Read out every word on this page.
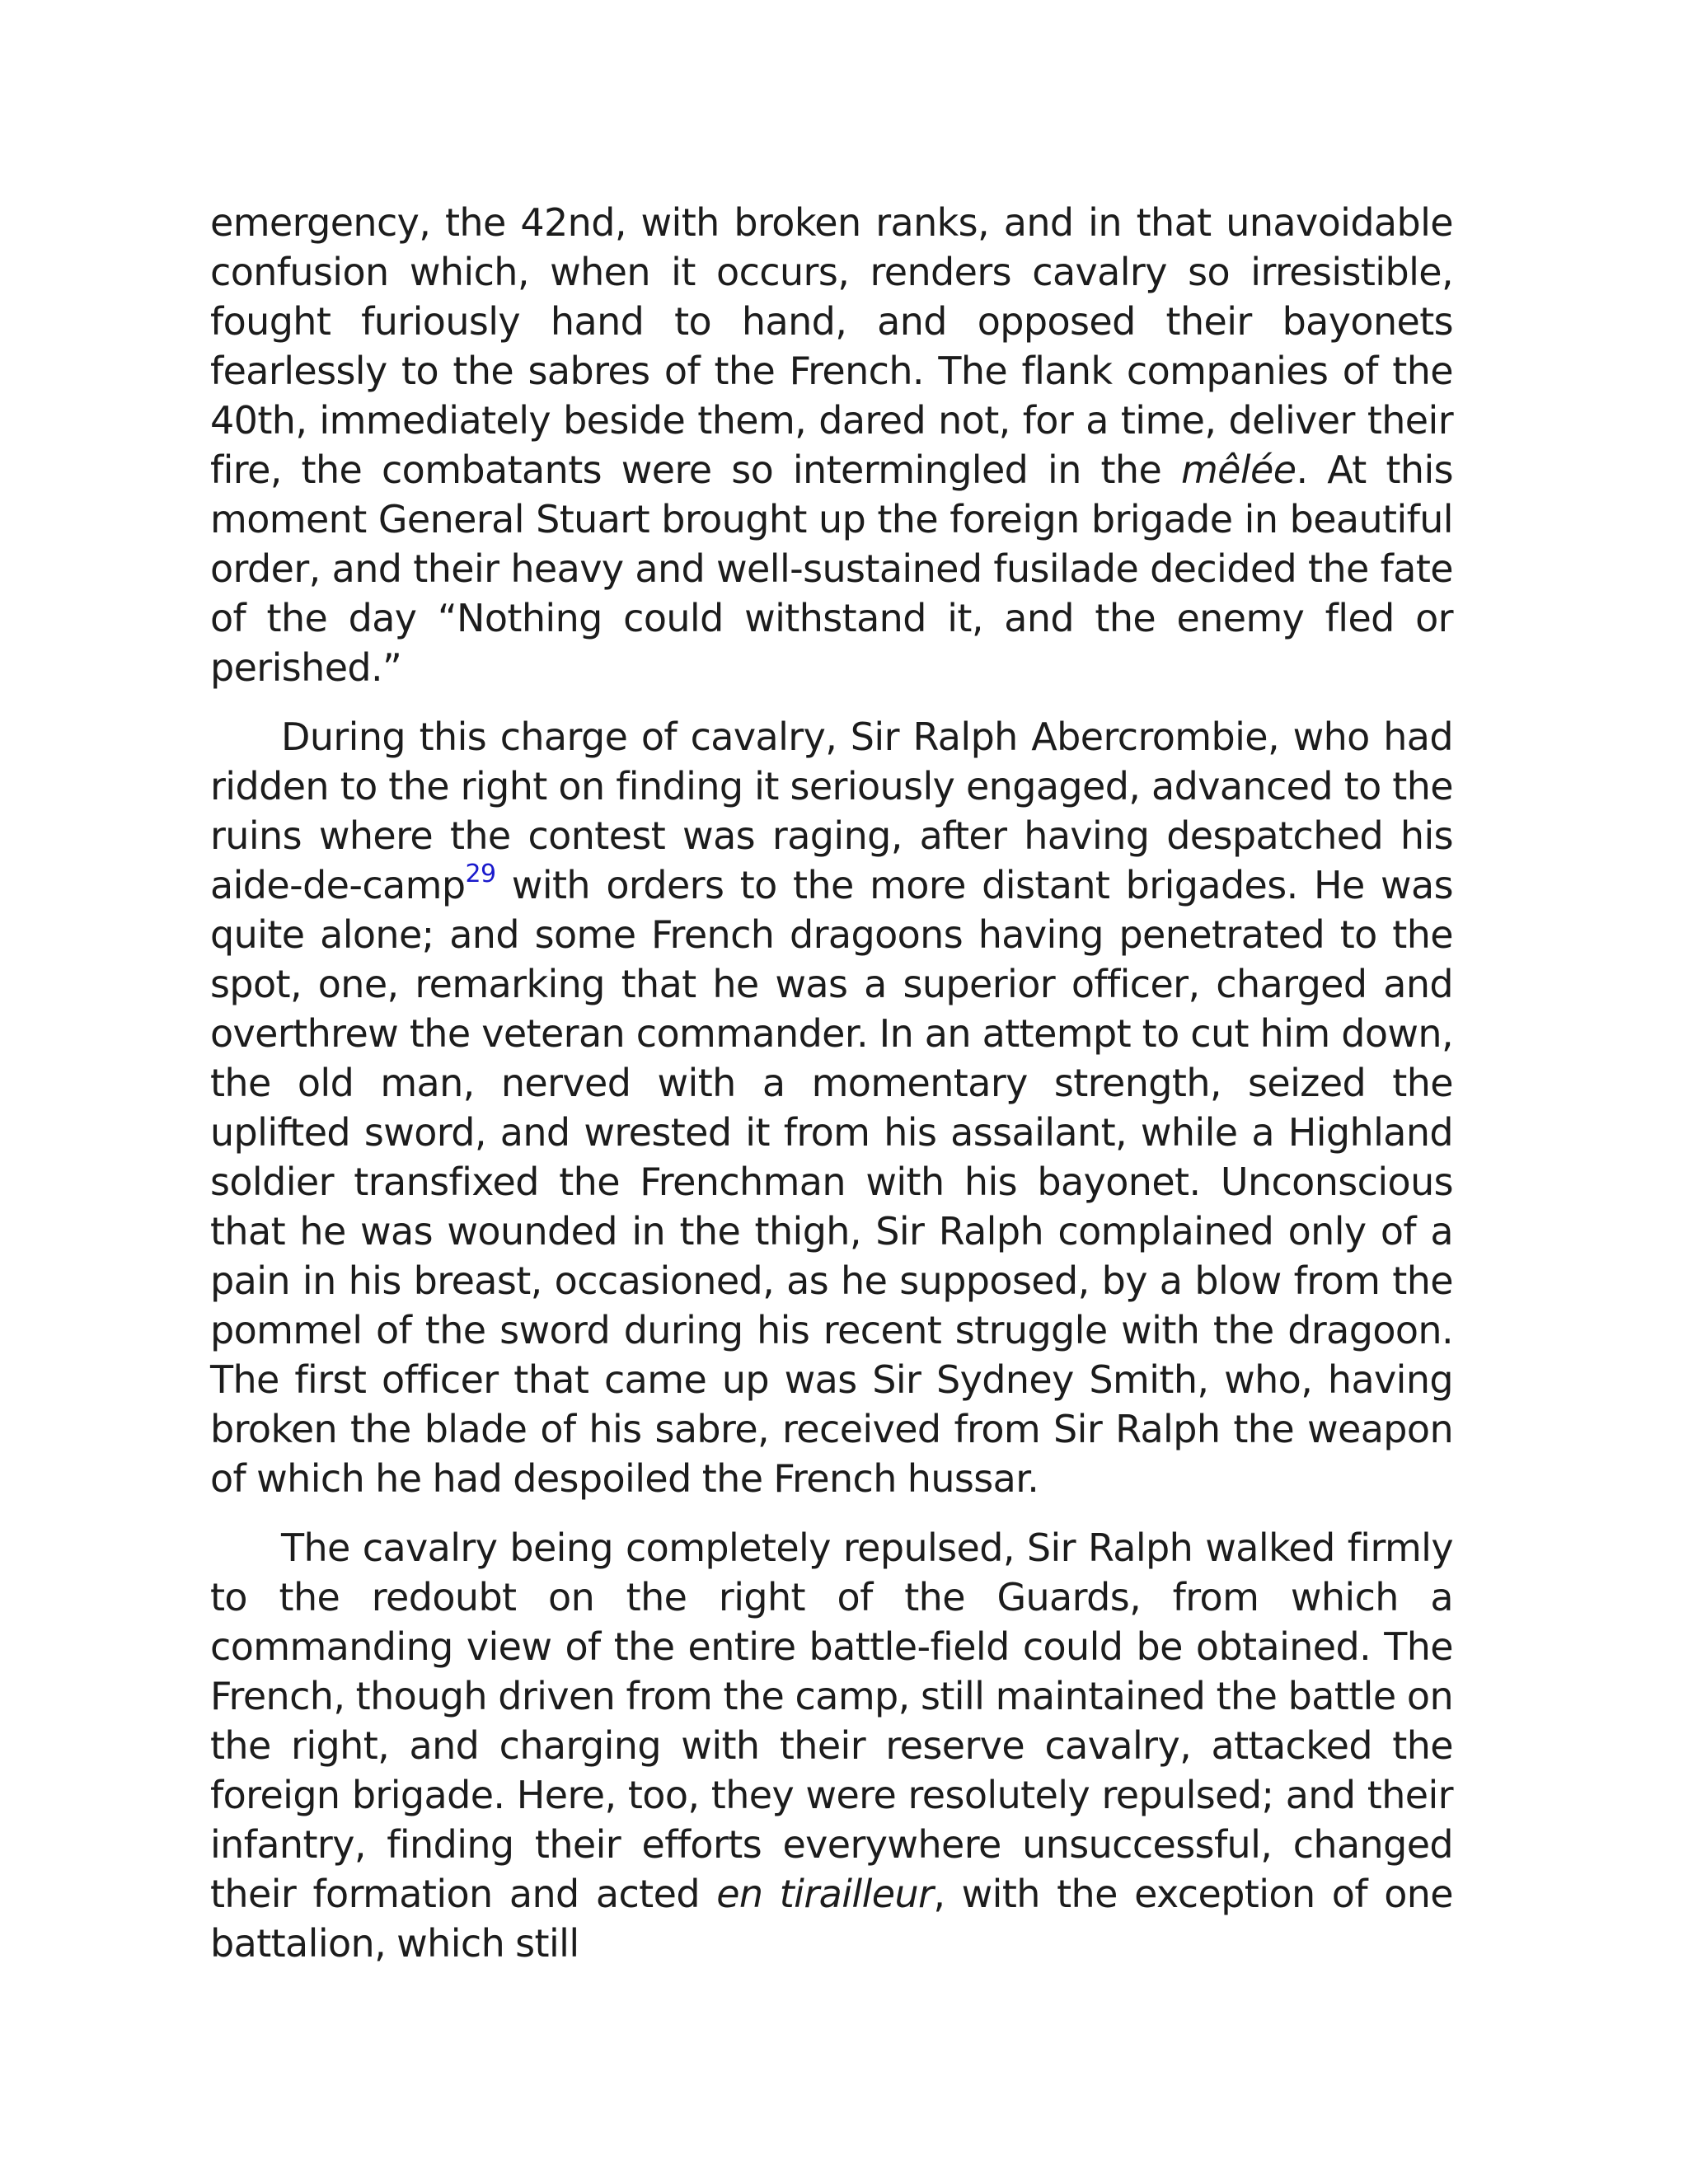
emergency, the 42nd, with broken ranks, and in that unavoidable confusion which, when it occurs, renders cavalry so irresistible, fought furiously hand to hand, and opposed their bayonets fearlessly to the sabres of the French. The flank companies of the 40th, immediately beside them, dared not, for a time, deliver their fire, the combatants were so intermingled in the mêlée. At this moment General Stuart brought up the foreign brigade in beautiful order, and their heavy and well-sustained fusilade decided the fate of the day “Nothing could withstand it, and the enemy fled or perished.”

During this charge of cavalry, Sir Ralph Abercrombie, who had ridden to the right on finding it seriously engaged, advanced to the ruins where the contest was raging, after having despatched his aide-de-camp$^{29}$ with orders to the more distant brigades. He was quite alone; and some French dragoons having penetrated to the spot, one, remarking that he was a superior officer, charged and overthrew the veteran commander. In an attempt to cut him down, the old man, nerved with a momentary strength, seized the uplifted sword, and wrested it from his assailant, while a Highland soldier transfixed the Frenchman with his bayonet. Unconscious that he was wounded in the thigh, Sir Ralph complained only of a pain in his breast, occasioned, as he supposed, by a blow from the pommel of the sword during his recent struggle with the dragoon. The first officer that came up was Sir Sydney Smith, who, having broken the blade of his sabre, received from Sir Ralph the weapon of which he had despoiled the French hussar.

The cavalry being completely repulsed, Sir Ralph walked firmly to the redoubt on the right of the Guards, from which a commanding view of the entire battle-field could be obtained. The French, though driven from the camp, still maintained the battle on the right, and charging with their reserve cavalry, attacked the foreign brigade. Here, too, they were resolutely repulsed; and their infantry, finding their efforts everywhere unsuccessful, changed their formation and acted en tirailleur, with the exception of one battalion, which still
